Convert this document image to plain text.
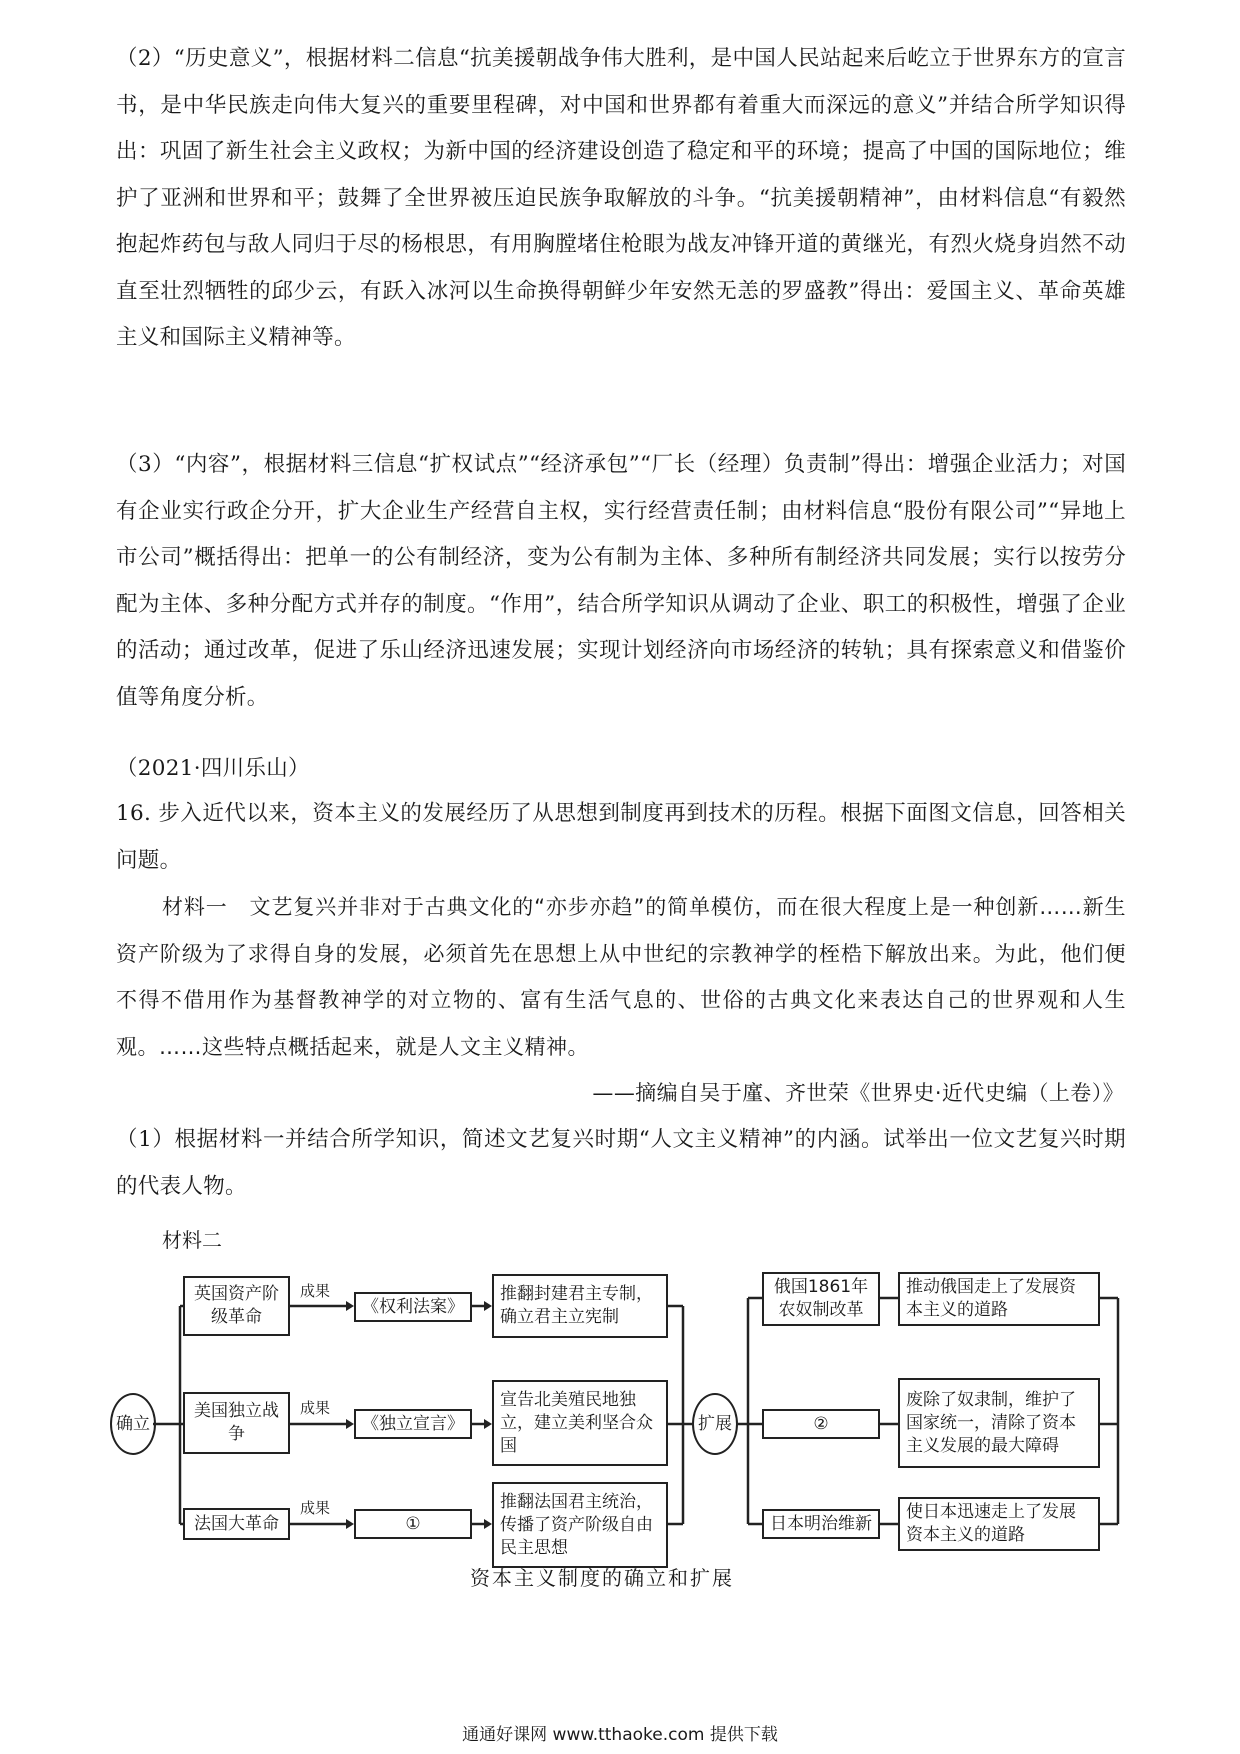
（2）“历史意义”，根据材料二信息“抗美援朝战争伟大胜利，是中国人民站起来后屹立于世界东方的宣言书，是中华民族走向伟大复兴的重要里程碑，对中国和世界都有着重大而深远的意义”并结合所学知识得出：巩固了新生社会主义政权；为新中国的经济建设创造了稳定和平的环境；提高了中国的国际地位；维护了亚洲和世界和平；鼓舞了全世界被压迫民族争取解放的斗争。“抗美援朝精神”，由材料信息“有毅然抱起炸药包与敌人同归于尽的杨根思，有用胸膛堵住枪眼为战友冲锋开道的黄继光，有烈火烧身岿然不动直至壮烈牺牲的邱少云，有跃入冰河以生命换得朝鲜少年安然无恙的罗盛教”得出：爱国主义、革命英雄主义和国际主义精神等。
（3）“内容”，根据材料三信息“扩权试点”“经济承包”“厂长（经理）负责制”得出：增强企业活力；对国有企业实行政企分开，扩大企业生产经营自主权，实行经营责任制；由材料信息“股份有限公司”“异地上市公司”概括得出：把单一的公有制经济，变为公有制为主体、多种所有制经济共同发展；实行以按劳分配为主体、多种分配方式并存的制度。“作用”，结合所学知识从调动了企业、职工的积极性，增强了企业的活动；通过改革，促进了乐山经济迅速发展；实现计划经济向市场经济的转轨；具有探索意义和借鉴价值等角度分析。
（2021·四川乐山）
16. 步入近代以来，资本主义的发展经历了从思想到制度再到技术的历程。根据下面图文信息，回答相关问题。
材料一　文艺复兴并非对于古典文化的“亦步亦趋”的简单模仿，而在很大程度上是一种创新……新生资产阶级为了求得自身的发展，必须首先在思想上从中世纪的宗教神学的桎梏下解放出来。为此，他们便不得不借用作为基督教神学的对立物的、富有生活气息的、世俗的古典文化来表达自己的世界观和人生观。……这些特点概括起来，就是人文主义精神。
——摘编自吴于廑、齐世荣《世界史·近代史编（上卷）》
（1）根据材料一并结合所学知识，简述文艺复兴时期“人文主义精神”的内涵。试举出一位文艺复兴时期的代表人物。
材料二
确立
英国资产阶级革命
成果
《权利法案》
推翻封建君主专制，确立君主立宪制
美国独立战争
成果
《独立宣言》
宣告北美殖民地独立，建立美利坚合众国
法国大革命
成果
①
推翻法国君主统治，传播了资产阶级自由民主思想
扩展
俄国1861年农奴制改革
推动俄国走上了发展资本主义的道路
②
废除了奴隶制，维护了国家统一，清除了资本主义发展的最大障碍
日本明治维新
使日本迅速走上了发展资本主义的道路
资本主义制度的确立和扩展
通通好课网 www.tthaoke.com 提供下载
